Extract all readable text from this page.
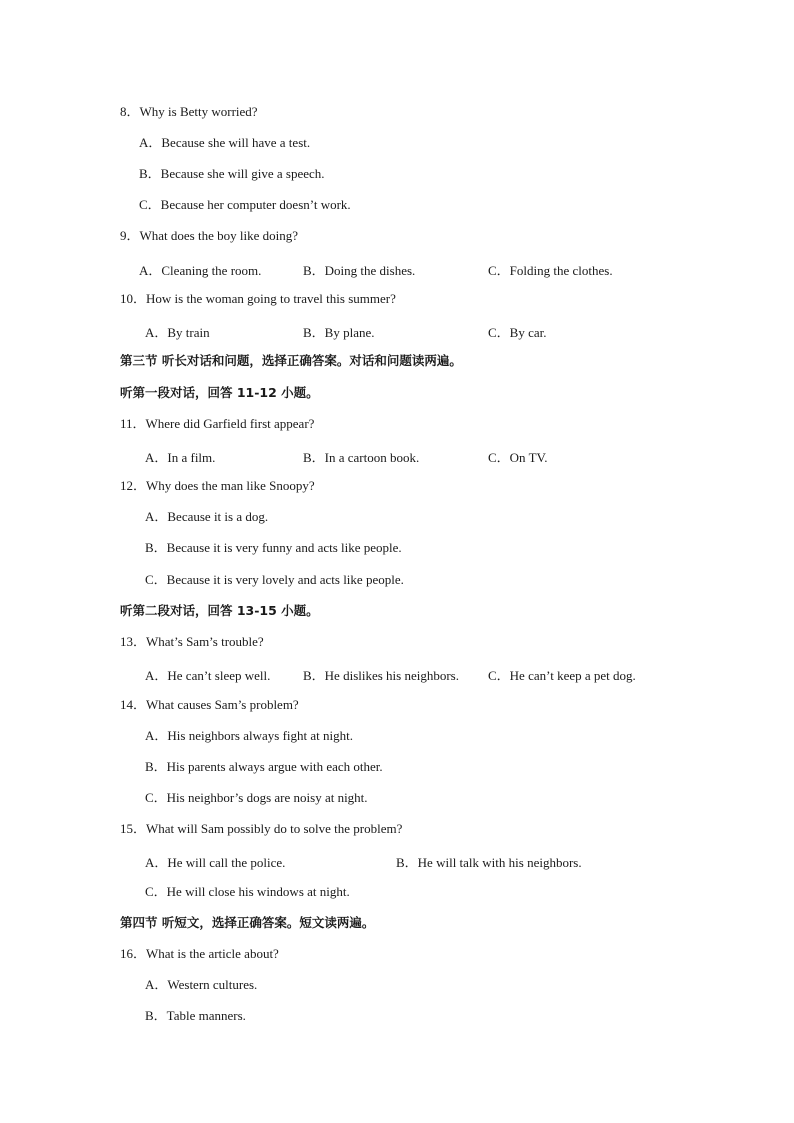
8．Why is Betty worried?
A．Because she will have a test.
B．Because she will give a speech.
C．Because her computer doesn’t work.
9．What does the boy like doing?
A．Cleaning the room.	B．Doing the dishes.	C．Folding the clothes.
10．How is the woman going to travel this summer?
A．By train	B．By plane.	C．By car.
第三节 听长对话和问题，选择正确答案。对话和问题读两遍。
听第一段对话，回答 11-12 小题。
11．Where did Garfield first appear?
A．In a film.	B．In a cartoon book.	C．On TV.
12．Why does the man like Snoopy?
A．Because it is a dog.
B．Because it is very funny and acts like people.
C．Because it is very lovely and acts like people.
听第二段对话，回答 13-15 小题。
13．What’s Sam’s trouble?
A．He can’t sleep well.	B．He dislikes his neighbors. C．He can’t keep a pet dog.
14．What causes Sam’s problem?
A．His neighbors always fight at night.
B．His parents always argue with each other.
C．His neighbor’s dogs are noisy at night.
15．What will Sam possibly do to solve the problem?
A．He will call the police.	B．He will talk with his neighbors.
C．He will close his windows at night.
第四节 听短文，选择正确答案。短文读两遍。
16．What is the article about?
A．Western cultures.
B．Table manners.
